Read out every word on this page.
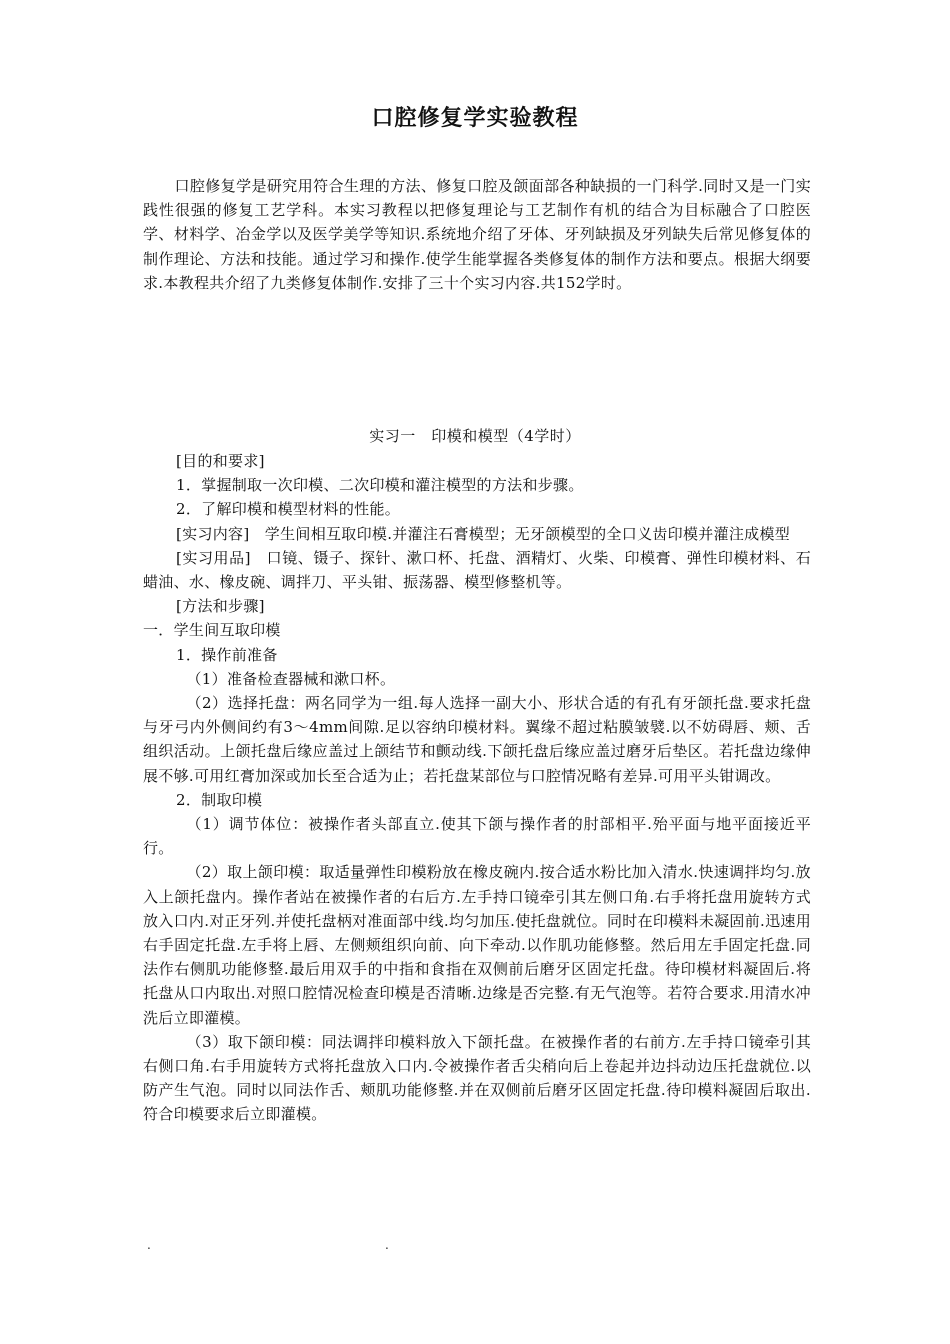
口腔修复学实验教程

口腔修复学是研究用符合生理的方法、修复口腔及颌面部各种缺损的一门科学.同时又是一门实践性很强的修复工艺学科。本实习教程以把修复理论与工艺制作有机的结合为目标融合了口腔医学、材料学、冶金学以及医学美学等知识.系统地介绍了牙体、牙列缺损及牙列缺失后常见修复体的制作理论、方法和技能。通过学习和操作.使学生能掌握各类修复体的制作方法和要点。根据大纲要求.本教程共介绍了九类修复体制作.安排了三十个实习内容.共152学时。

实习一　印模和模型（4学时）

[目的和要求]

1．掌握制取一次印模、二次印模和灌注模型的方法和步骤。

2．了解印模和模型材料的性能。

[实习内容]　学生间相互取印模.并灌注石膏模型；无牙颌模型的全口义齿印模并灌注成模型

[实习用品]　口镜、镊子、探针、漱口杯、托盘、酒精灯、火柴、印模膏、弹性印模材料、石蜡油、水、橡皮碗、调拌刀、平头钳、振荡器、模型修整机等。

[方法和步骤]

一．学生间互取印模

1．操作前准备

（1）准备检查器械和漱口杯。

（2）选择托盘：两名同学为一组.每人选择一副大小、形状合适的有孔有牙颌托盘.要求托盘与牙弓内外侧间约有3～4mm间隙.足以容纳印模材料。翼缘不超过粘膜皱襞.以不妨碍唇、颊、舌组织活动。上颌托盘后缘应盖过上颌结节和颤动线.下颌托盘后缘应盖过磨牙后垫区。若托盘边缘伸展不够.可用红膏加深或加长至合适为止；若托盘某部位与口腔情况略有差异.可用平头钳调改。

2．制取印模

（1）调节体位：被操作者头部直立.使其下颌与操作者的肘部相平.殆平面与地平面接近平行。

（2）取上颌印模：取适量弹性印模粉放在橡皮碗内.按合适水粉比加入清水.快速调拌均匀.放入上颌托盘内。操作者站在被操作者的右后方.左手持口镜牵引其左侧口角.右手将托盘用旋转方式放入口内.对正牙列.并使托盘柄对准面部中线.均匀加压.使托盘就位。同时在印模料未凝固前.迅速用右手固定托盘.左手将上唇、左侧颊组织向前、向下牵动.以作肌功能修整。然后用左手固定托盘.同法作右侧肌功能修整.最后用双手的中指和食指在双侧前后磨牙区固定托盘。待印模材料凝固后.将托盘从口内取出.对照口腔情况检查印模是否清晰.边缘是否完整.有无气泡等。若符合要求.用清水冲洗后立即灌模。

（3）取下颌印模：同法调拌印模料放入下颌托盘。在被操作者的右前方.左手持口镜牵引其右侧口角.右手用旋转方式将托盘放入口内.令被操作者舌尖稍向后上卷起并边抖动边压托盘就位.以防产生气泡。同时以同法作舌、颊肌功能修整.并在双侧前后磨牙区固定托盘.待印模料凝固后取出.符合印模要求后立即灌模。

.	.
